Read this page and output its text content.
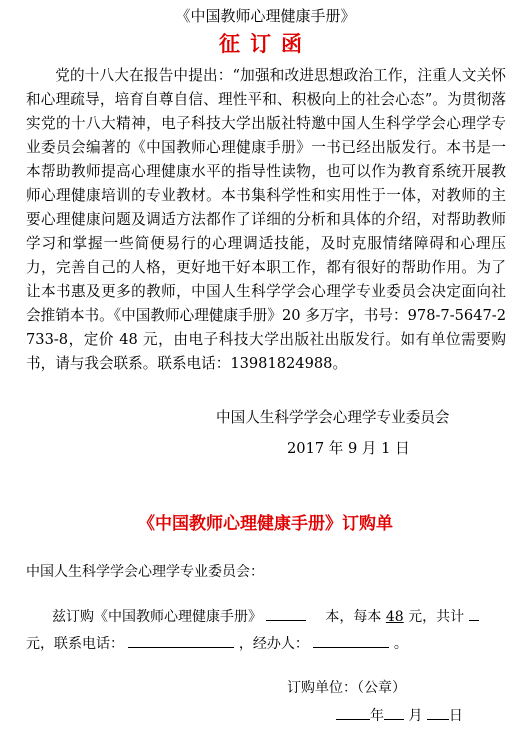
《中国教师心理健康手册》
征订函

党的十八大在报告中提出：“加强和改进思想政治工作，注重人文关怀和心理疏导，培育自尊自信、理性平和、积极向上的社会心态”。为贯彻落实党的十八大精神，电子科技大学出版社特邀中国人生科学学会心理学专业委员会编著的《中国教师心理健康手册》一书已经出版发行。本书是一本帮助教师提高心理健康水平的指导性读物，也可以作为教育系统开展教师心理健康培训的专业教材。本书集科学性和实用性于一体，对教师的主要心理健康问题及调适方法都作了详细的分析和具体的介绍，对帮助教师学习和掌握一些简便易行的心理调适技能，及时克服情绪障碍和心理压力，完善自己的人格，更好地干好本职工作，都有很好的帮助作用。为了让本书惠及更多的教师，中国人生科学学会心理学专业委员会决定面向社会推销本书。《中国教师心理健康手册》20 多万字，书号：978-7-5647-2733-8，定价 48 元，由电子科技大学出版社出版发行。如有单位需要购书，请与我会联系。联系电话：13981824988。

中国人生科学学会心理学专业委员会
2017 年 9 月 1 日
《中国教师心理健康手册》订购单
中国人生科学学会心理学专业委员会：
兹订购《中国教师心理健康手册》	本，每本 48 元，共计
元，联系电话：	，经办人：	。
订购单位：（公章）
年 月 日
